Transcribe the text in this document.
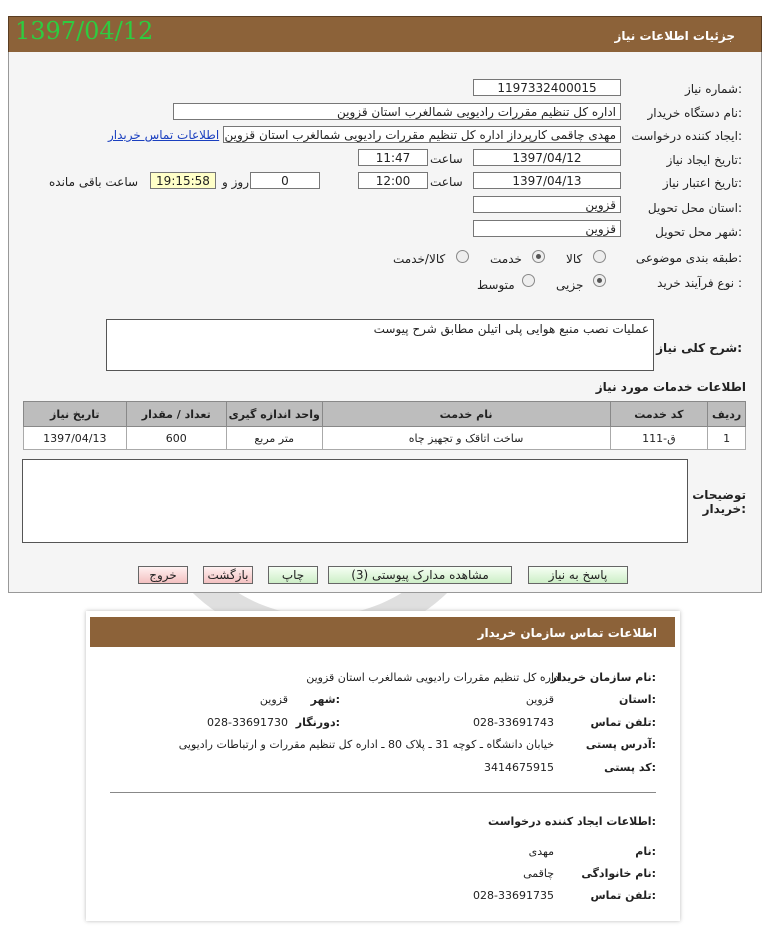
1397/04/12	جزئیات اطلاعات نیاز
شماره نیاز:
1197332400015
نام دستگاه خریدار:
اداره کل تنظیم مقررات رادیویی شمالغرب استان قزوین
ایجاد کننده درخواست:
مهدی چاقمی کارپرداز اداره کل تنظیم مقررات رادیویی شمالغرب استان قزوین
اطلاعات تماس خریدار
تاریخ ایجاد نیاز:
1397/04/12
ساعت
11:47
تاریخ اعتبار نیاز:
1397/04/13
ساعت
12:00
0
روز و
19:15:58
ساعت باقی مانده
استان محل تحویل:
قزوین
شهر محل تحویل:
قزوین
طبقه بندی موضوعی:
کالا
خدمت
کالا/خدمت
نوع فرآیند خرید :
جزیی
متوسط
شرح کلی نیاز:
عملیات نصب منبع هوایی پلی اتیلن مطابق شرح پیوست
اطلاعات خدمات مورد نیاز
تاریخ نیاز	تعداد / مقدار	واحد اندازه گیری	نام خدمت	کد خدمت	ردیف
1397/04/13	600	متر مربع	ساخت اتاقک و تجهیز چاه	ق-111	1
توضیحات خریدار:
پاسخ به نیاز
مشاهده مدارک پیوستی (3)
چاپ
بازگشت
خروج
اطلاعات تماس سازمان خریدار
نام سازمان خریدار:
اداره کل تنظیم مقررات رادیویی شمالغرب استان قزوین
استان:
قزوین
شهر:
قزوین
تلفن تماس:
028-33691743
دورنگار:
028-33691730
آدرس پستی:
خیابان دانشگاه ـ کوچه 31 ـ پلاک 80 ـ اداره کل تنظیم مقررات و ارتباطات رادیویی
کد پستی:
3414675915
اطلاعات ایجاد کننده درخواست:
نام:
مهدی
نام خانوادگی:
چاقمی
تلفن تماس:
028-33691735
